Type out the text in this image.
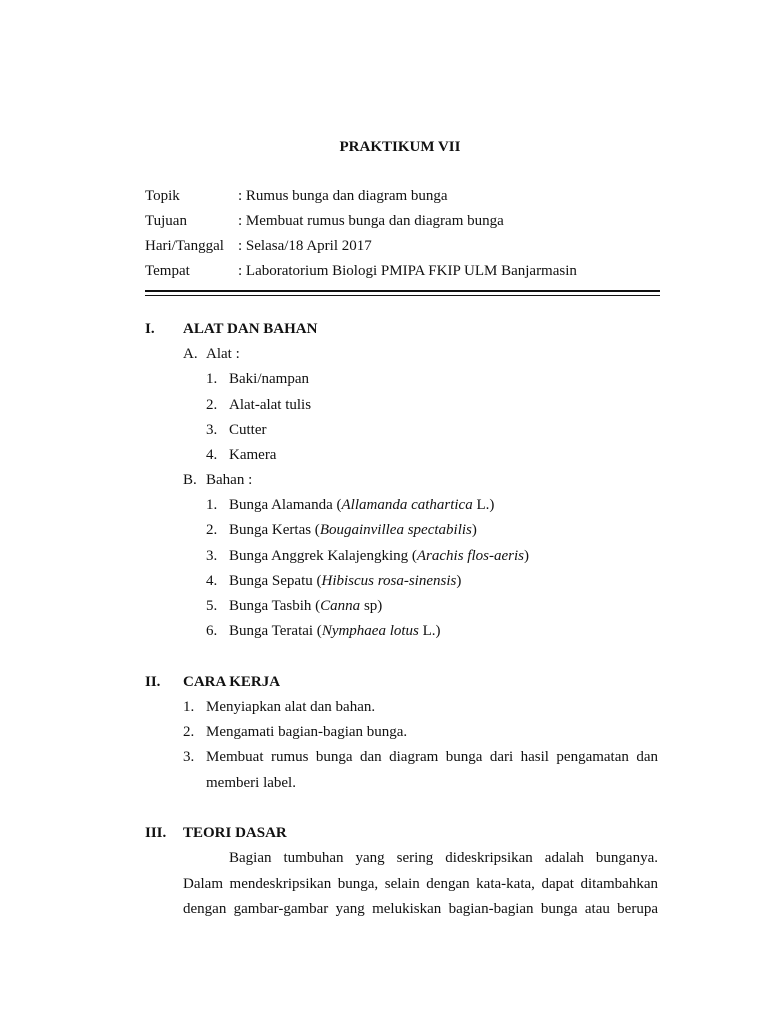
PRAKTIKUM VII
Topik	: Rumus bunga dan diagram bunga
Tujuan	: Membuat rumus bunga dan diagram bunga
Hari/Tanggal : Selasa/18 April 2017
Tempat	: Laboratorium Biologi PMIPA FKIP ULM Banjarmasin
I. ALAT DAN BAHAN
A. Alat :
1. Baki/nampan
2. Alat-alat tulis
3. Cutter
4. Kamera
B. Bahan :
1. Bunga Alamanda (Allamanda cathartica L.)
2. Bunga Kertas (Bougainvillea spectabilis)
3. Bunga Anggrek Kalajengking (Arachis flos-aeris)
4. Bunga Sepatu (Hibiscus rosa-sinensis)
5. Bunga Tasbih (Canna sp)
6. Bunga Teratai (Nymphaea lotus L.)
II. CARA KERJA
1. Menyiapkan alat dan bahan.
2. Mengamati bagian-bagian bunga.
3. Membuat rumus bunga dan diagram bunga dari hasil pengamatan dan
memberi label.
III. TEORI DASAR
Bagian tumbuhan yang sering dideskripsikan adalah bunganya.
Dalam mendeskripsikan bunga, selain dengan kata-kata, dapat ditambahkan
dengan gambar-gambar yang melukiskan bagian-bagian bunga atau berupa
